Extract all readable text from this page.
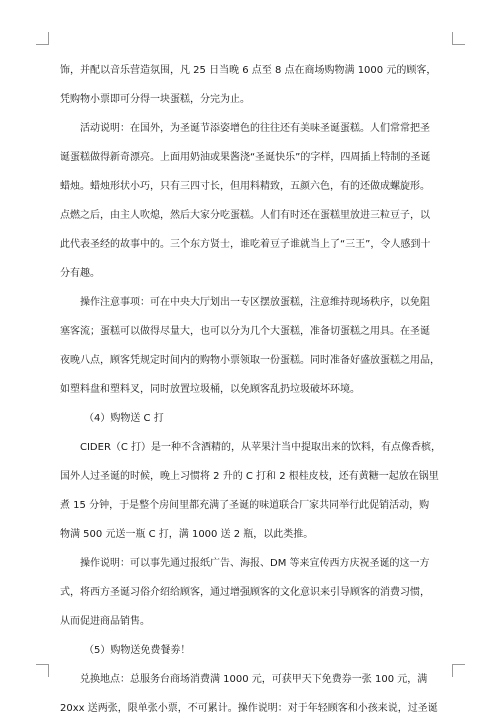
饰，并配以音乐营造氛围，凡 25 日当晚 6 点至 8 点在商场购物满 1000 元的顾客，
凭购物小票即可分得一块蛋糕，分完为止。
活动说明：在国外，为圣诞节添姿增色的往往还有美味圣诞蛋糕。人们常常把圣
诞蛋糕做得新奇漂亮。上面用奶油或果酱浇“圣诞快乐”的字样，四周插上特制的圣诞
蜡烛。蜡烛形状小巧，只有三四寸长，但用料精致，五颜六色，有的还做成螺旋形。
点燃之后，由主人吹熄，然后大家分吃蛋糕。人们有时还在蛋糕里放进三粒豆子，以
此代表圣经的故事中的。三个东方贤士，谁吃着豆子谁就当上了“三王”，令人感到十
分有趣。
操作注意事项：可在中央大厅划出一专区摆放蛋糕，注意维持现场秩序，以免阻
塞客流；蛋糕可以做得尽量大，也可以分为几个大蛋糕，准备切蛋糕之用具。在圣诞
夜晚八点，顾客凭规定时间内的购物小票领取一份蛋糕。同时准备好盛放蛋糕之用品，
如塑料盘和塑料叉，同时放置垃圾桶，以免顾客乱扔垃圾破坏环境。
（4）购物送 C 打
CIDER（C 打）是一种不含酒精的，从苹果汁当中提取出来的饮料，有点像香槟，
国外人过圣诞的时候，晚上习惯将 2 升的 C 打和 2 根桂皮枝，还有黄糖一起放在锅里
煮 15 分钟，于是整个房间里都充满了圣诞的味道联合厂家共同举行此促销活动，购
物满 500 元送一瓶 C 打，满 1000 送 2 瓶，以此类推。
操作说明：可以事先通过报纸广告、海报、DM 等来宣传西方庆祝圣诞的这一方
式，将西方圣诞习俗介绍给顾客，通过增强顾客的文化意识来引导顾客的消费习惯，
从而促进商品销售。
（5）购物送免费餐劵！
兑换地点：总服务台商场消费满 1000 元，可获甲天下免费券一张 100 元，满
20xx 送两张，限单张小票，不可累计。操作说明：对于年轻顾客和小孩来说，过圣诞
